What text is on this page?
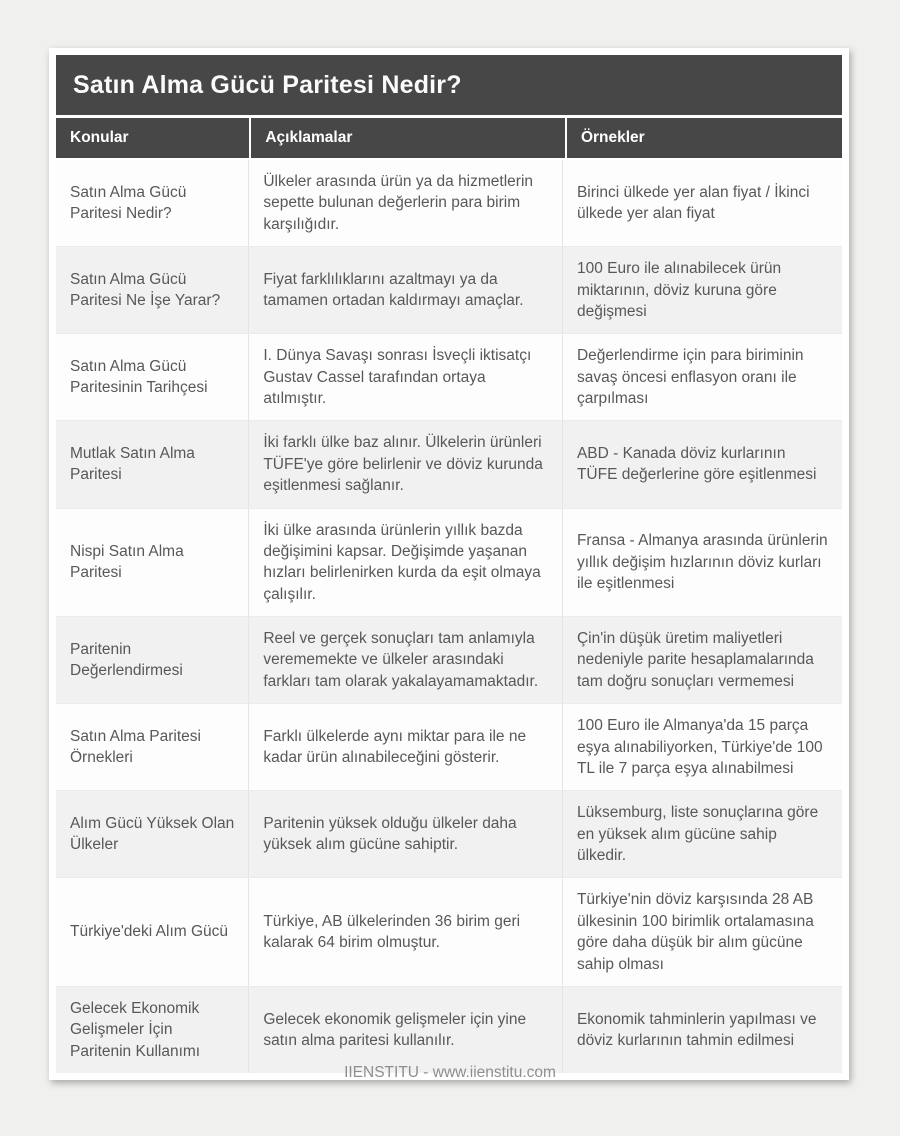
Satın Alma Gücü Paritesi Nedir?
Konular	Açıklamalar	Örnekler
Satın Alma Gücü Paritesi Nedir?
Ülkeler arasında ürün ya da hizmetlerin sepette bulunan değerlerin para birim karşılığıdır.
Birinci ülkede yer alan fiyat / İkinci ülkede yer alan fiyat
Satın Alma Gücü Paritesi Ne İşe Yarar?
Fiyat farklılıklarını azaltmayı ya da tamamen ortadan kaldırmayı amaçlar.
100 Euro ile alınabilecek ürün miktarının, döviz kuruna göre değişmesi
Satın Alma Gücü Paritesinin Tarihçesi
I. Dünya Savaşı sonrası İsveçli iktisatçı Gustav Cassel tarafından ortaya atılmıştır.
Değerlendirme için para biriminin savaş öncesi enflasyon oranı ile çarpılması
Mutlak Satın Alma Paritesi
İki farklı ülke baz alınır. Ülkelerin ürünleri TÜFE'ye göre belirlenir ve döviz kurunda eşitlenmesi sağlanır.
ABD - Kanada döviz kurlarının TÜFE değerlerine göre eşitlenmesi
Nispi Satın Alma Paritesi
İki ülke arasında ürünlerin yıllık bazda değişimini kapsar. Değişimde yaşanan hızları belirlenirken kurda da eşit olmaya çalışılır.
Fransa - Almanya arasında ürünlerin yıllık değişim hızlarının döviz kurları ile eşitlenmesi
Paritenin Değerlendirmesi
Reel ve gerçek sonuçları tam anlamıyla verememekte ve ülkeler arasındaki farkları tam olarak yakalayamamaktadır.
Çin'in düşük üretim maliyetleri nedeniyle parite hesaplamalarında tam doğru sonuçları vermemesi
Satın Alma Paritesi Örnekleri
Farklı ülkelerde aynı miktar para ile ne kadar ürün alınabileceğini gösterir.
100 Euro ile Almanya'da 15 parça eşya alınabiliyorken, Türkiye'de 100 TL ile 7 parça eşya alınabilmesi
Alım Gücü Yüksek Olan Ülkeler
Paritenin yüksek olduğu ülkeler daha yüksek alım gücüne sahiptir.
Lüksemburg, liste sonuçlarına göre en yüksek alım gücüne sahip ülkedir.
Türkiye'deki Alım Gücü
Türkiye, AB ülkelerinden 36 birim geri kalarak 64 birim olmuştur.
Türkiye'nin döviz karşısında 28 AB ülkesinin 100 birimlik ortalamasına göre daha düşük bir alım gücüne sahip olması
Gelecek Ekonomik Gelişmeler İçin Paritenin Kullanımı
Gelecek ekonomik gelişmeler için yine satın alma paritesi kullanılır.
Ekonomik tahminlerin yapılması ve döviz kurlarının tahmin edilmesi
IIENSTITU - www.iienstitu.com
